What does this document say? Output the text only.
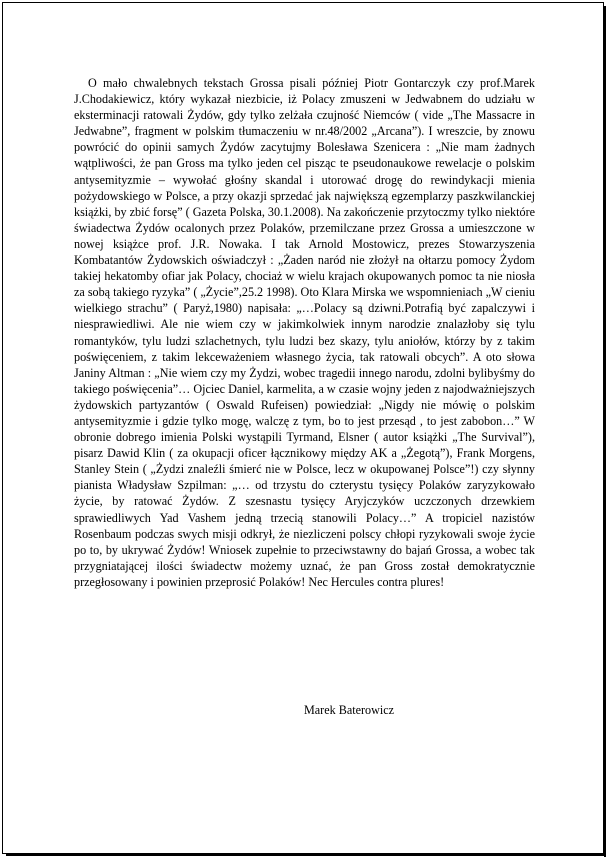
O mało chwalebnych tekstach Grossa pisali później Piotr Gontarczyk czy prof.Marek J.Chodakiewicz, który wykazał niezbicie, iż Polacy zmuszeni w Jedwabnem do udziału w eksterminacji ratowali Żydów, gdy tylko zelżała czujność Niemców ( vide „The Massacre in Jedwabne”, fragment w polskim tłumaczeniu w nr.48/2002 „Arcana”). I wreszcie, by znowu powrócić do opinii samych Żydów zacytujmy Bolesława Szenicera : „Nie mam żadnych wątpliwości, że pan Gross ma tylko jeden cel pisząc te pseudonaukowe rewelacje o polskim antysemityzmie – wywołać głośny skandal i utorować drogę do rewindykacji mienia pożydowskiego w Polsce, a przy okazji sprzedać jak największą egzemplarzy paszkwilanckiej książki, by zbić forsę” ( Gazeta Polska, 30.1.2008). Na zakończenie przytoczmy tylko niektóre świadectwa Żydów ocalonych przez Polaków, przemilczane przez Grossa a umieszczone w nowej książce prof. J.R. Nowaka. I tak Arnold Mostowicz, prezes Stowarzyszenia Kombatantów Żydowskich oświadczył : „Żaden naród nie złożył na ołtarzu pomocy Żydom takiej hekatomby ofiar jak Polacy, chociaż w wielu krajach okupowanych pomoc ta nie niosła za sobą takiego ryzyka” ( „Życie”,25.2 1998). Oto Klara Mirska we wspomnieniach „W cieniu wielkiego strachu” ( Paryż,1980) napisała: „…Polacy są dziwni.Potrafią być zapalczywi i niesprawiedliwi. Ale nie wiem czy w jakimkolwiek innym narodzie znalazłoby się tylu romantyków, tylu ludzi szlachetnych, tylu ludzi bez skazy, tylu aniołów, którzy by z takim poświęceniem, z takim lekceważeniem własnego życia, tak ratowali obcych”. A oto słowa Janiny Altman : „Nie wiem czy my Żydzi, wobec tragedii innego narodu, zdolni bylibyśmy do takiego poświęcenia”… Ojciec Daniel, karmelita, a w czasie wojny jeden z najodważniejszych żydowskich partyzantów ( Oswald Rufeisen) powiedział: „Nigdy nie mówię o polskim antysemityzmie i gdzie tylko mogę, walczę z tym, bo to jest przesąd , to jest zabobon…” W obronie dobrego imienia Polski wystąpili Tyrmand, Elsner ( autor książki „The Survival”), pisarz Dawid Klin ( za okupacji oficer łącznikowy między AK a „Żegotą”), Frank Morgens, Stanley Stein ( „Żydzi znaleźli śmierć nie w Polsce, lecz w okupowanej Polsce”!) czy słynny pianista Władysław Szpilman: „… od trzystu do czterystu tysięcy Polaków zaryzykowało życie, by ratować Żydów. Z szesnastu tysięcy Aryjczyków uczczonych drzewkiem sprawiedliwych Yad Vashem jedną trzecią stanowili Polacy…” A tropiciel nazistów Rosenbaum podczas swych misji odkrył, że niezliczeni polscy chłopi ryzykowali swoje życie po to, by ukrywać Żydów! Wniosek zupełnie to przeciwstawny do bajań Grossa, a wobec tak przygniatającej ilości świadectw możemy uznać, że pan Gross został demokratycznie przegłosowany i powinien przeprosić Polaków! Nec Hercules contra plures!

Marek Baterowicz
